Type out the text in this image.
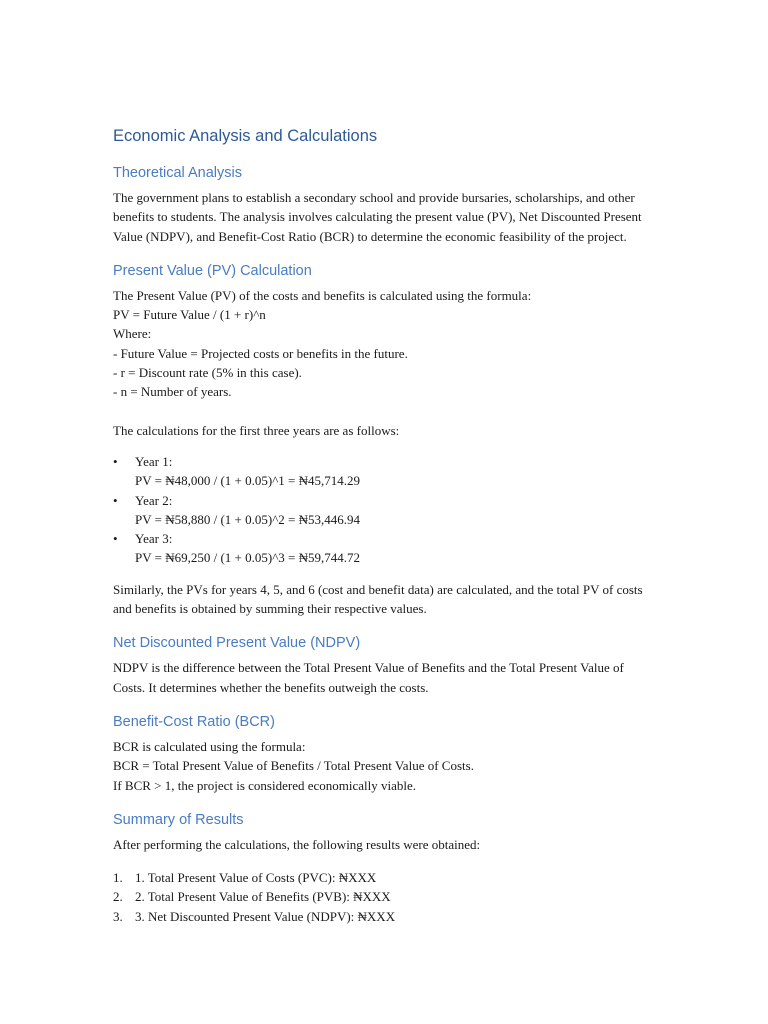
Economic Analysis and Calculations
Theoretical Analysis

The government plans to establish a secondary school and provide bursaries, scholarships, and other benefits to students. The analysis involves calculating the present value (PV), Net Discounted Present Value (NDPV), and Benefit-Cost Ratio (BCR) to determine the economic feasibility of the project.

Present Value (PV) Calculation

The Present Value (PV) of the costs and benefits is calculated using the formula:

PV = Future Value / (1 + r)^n

Where:

- Future Value = Projected costs or benefits in the future.

- r = Discount rate (5% in this case).

- n = Number of years.

The calculations for the first three years are as follows:

• Year 1:
PV = ₦48,000 / (1 + 0.05)^1 = ₦45,714.29
• Year 2:
PV = ₦58,880 / (1 + 0.05)^2 = ₦53,446.94
• Year 3:
PV = ₦69,250 / (1 + 0.05)^3 = ₦59,744.72

Similarly, the PVs for years 4, 5, and 6 (cost and benefit data) are calculated, and the total PV of costs and benefits is obtained by summing their respective values.

Net Discounted Present Value (NDPV)

NDPV is the difference between the Total Present Value of Benefits and the Total Present Value of Costs. It determines whether the benefits outweigh the costs.

Benefit-Cost Ratio (BCR)

BCR is calculated using the formula:

BCR = Total Present Value of Benefits / Total Present Value of Costs.

If BCR > 1, the project is considered economically viable.

Summary of Results

After performing the calculations, the following results were obtained:

1. 1. Total Present Value of Costs (PVC): ₦XXX
2. 2. Total Present Value of Benefits (PVB): ₦XXX
3. 3. Net Discounted Present Value (NDPV): ₦XXX
